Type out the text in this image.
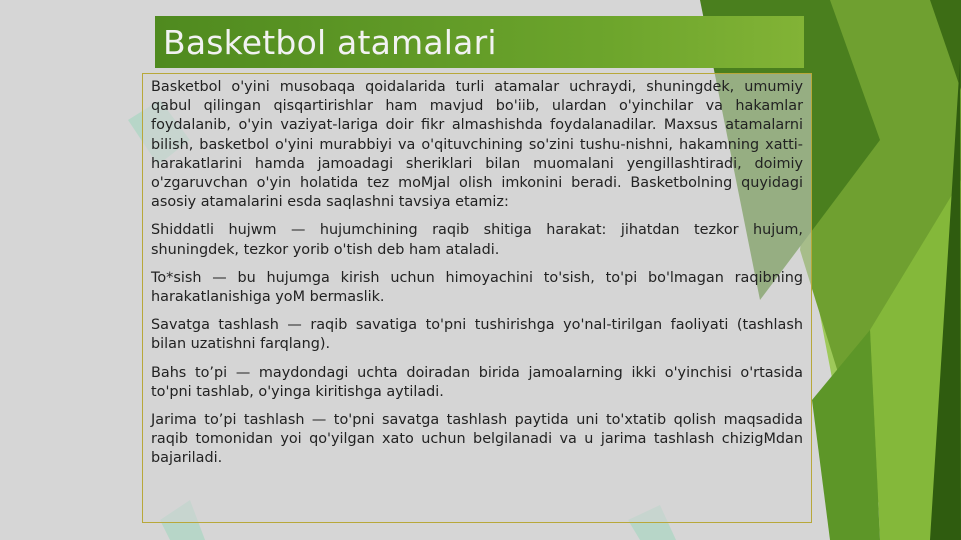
Basketbol atamalari

Basketbol o'yini musobaqa qoidalarida turli atamalar uchraydi, shuningdek, umumiy qabul qilingan qisqartirishlar ham mavjud bo'iib, ulardan o'yinchilar va hakamlar foydalanib, o'yin vaziyat-lariga doir fikr almashishda foydalanadilar. Maxsus atamalarni bilish, basketbol o'yini murabbiyi va o'qituvchining so'zini tushu-nishni, hakamning xatti-harakatlarini hamda jamoadagi sheriklari bilan muomalani yengillashtiradi, doimiy o'zgaruvchan o'yin holatida tez moMjal olish imkonini beradi. Basketbolning quyidagi asosiy atamalarini esda saqlashni tavsiya etamiz:

Shiddatli hujwm — hujumchining raqib shitiga harakat: jihatdan tezkor hujum, shuningdek, tezkor yorib o'tish deb ham ataladi.

To*sish — bu hujumga kirish uchun himoyachini to'sish, to'pi bo'lmagan raqibning harakatlanishiga yoM bermaslik.

Savatga tashlash — raqib savatiga to'pni tushirishga yo'nal-tirilgan faoliyati (tashlash bilan uzatishni farqlang).

Bahs to’pi — maydondagi uchta doiradan birida jamoalarning ikki o'yinchisi o'rtasida to'pni tashlab, o'yinga kiritishga aytiladi.

Jarima to’pi tashlash — to'pni savatga tashlash paytida uni to'xtatib qolish maqsadida raqib tomonidan yoi qo'yilgan xato uchun belgilanadi va u jarima tashlash chizigMdan bajariladi.
